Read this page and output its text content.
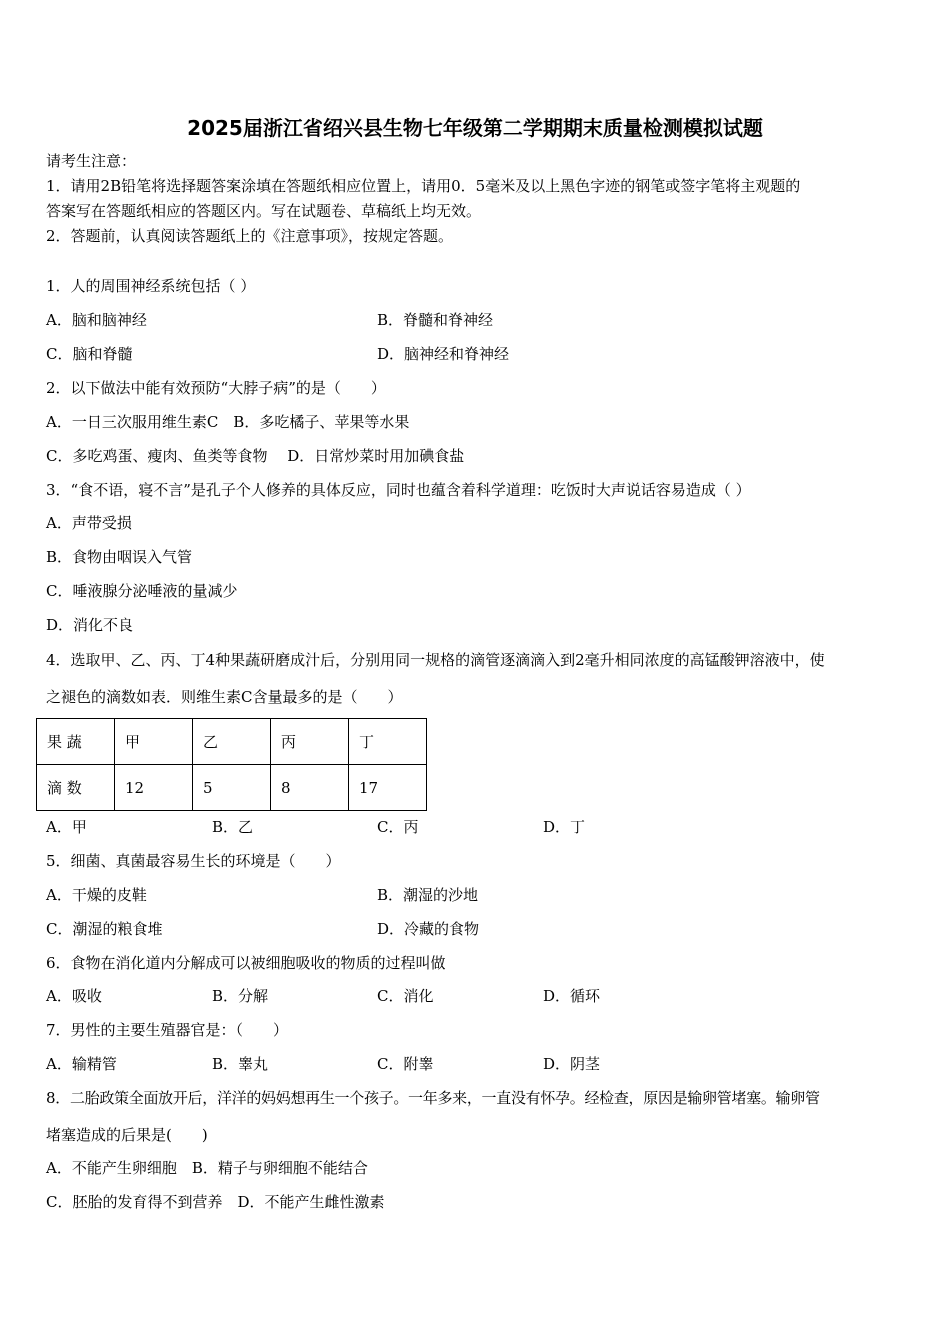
2025届浙江省绍兴县生物七年级第二学期期末质量检测模拟试题
请考生注意：
1．请用2B铅笔将选择题答案涂填在答题纸相应位置上，请用0．5毫米及以上黑色字迹的钢笔或签字笔将主观题的
答案写在答题纸相应的答题区内。写在试题卷、草稿纸上均无效。
2．答题前，认真阅读答题纸上的《注意事项》，按规定答题。
1．人的周围神经系统包括（ ）
A．脑和脑神经	B．脊髓和脊神经
C．脑和脊髓	D．脑神经和脊神经
2．以下做法中能有效预防“大脖子病”的是（　　）
A．一日三次服用维生素C　B．多吃橘子、苹果等水果
C．多吃鸡蛋、瘦肉、鱼类等食物　 D．日常炒菜时用加碘食盐
3．“食不语，寝不言”是孔子个人修养的具体反应，同时也蕴含着科学道理：吃饭时大声说话容易造成（ ）
A．声带受损
B．食物由咽误入气管
C．唾液腺分泌唾液的量减少
D．消化不良
4．选取甲、乙、丙、丁4种果蔬研磨成汁后，分别用同一规格的滴管逐滴滴入到2毫升相同浓度的高锰酸钾溶液中，使
之褪色的滴数如表．则维生素C含量最多的是（　　）
果 蔬	甲	乙	丙	丁
滴 数	12	5	8	17
A．甲	B．乙	C．丙	D．丁
5．细菌、真菌最容易生长的环境是（　　）
A．干燥的皮鞋	B．潮湿的沙地
C．潮湿的粮食堆	D．冷藏的食物
6．食物在消化道内分解成可以被细胞吸收的物质的过程叫做
A．吸收	B．分解	C．消化	D．循环
7．男性的主要生殖器官是：（　　）
A．输精管	B．睾丸	C．附睾	D．阴茎
8．二胎政策全面放开后，洋洋的妈妈想再生一个孩子。一年多来，一直没有怀孕。经检查，原因是输卵管堵塞。输卵管
堵塞造成的后果是(　　)
A．不能产生卵细胞　B．精子与卵细胞不能结合
C．胚胎的发育得不到营养　D．不能产生雌性激素
